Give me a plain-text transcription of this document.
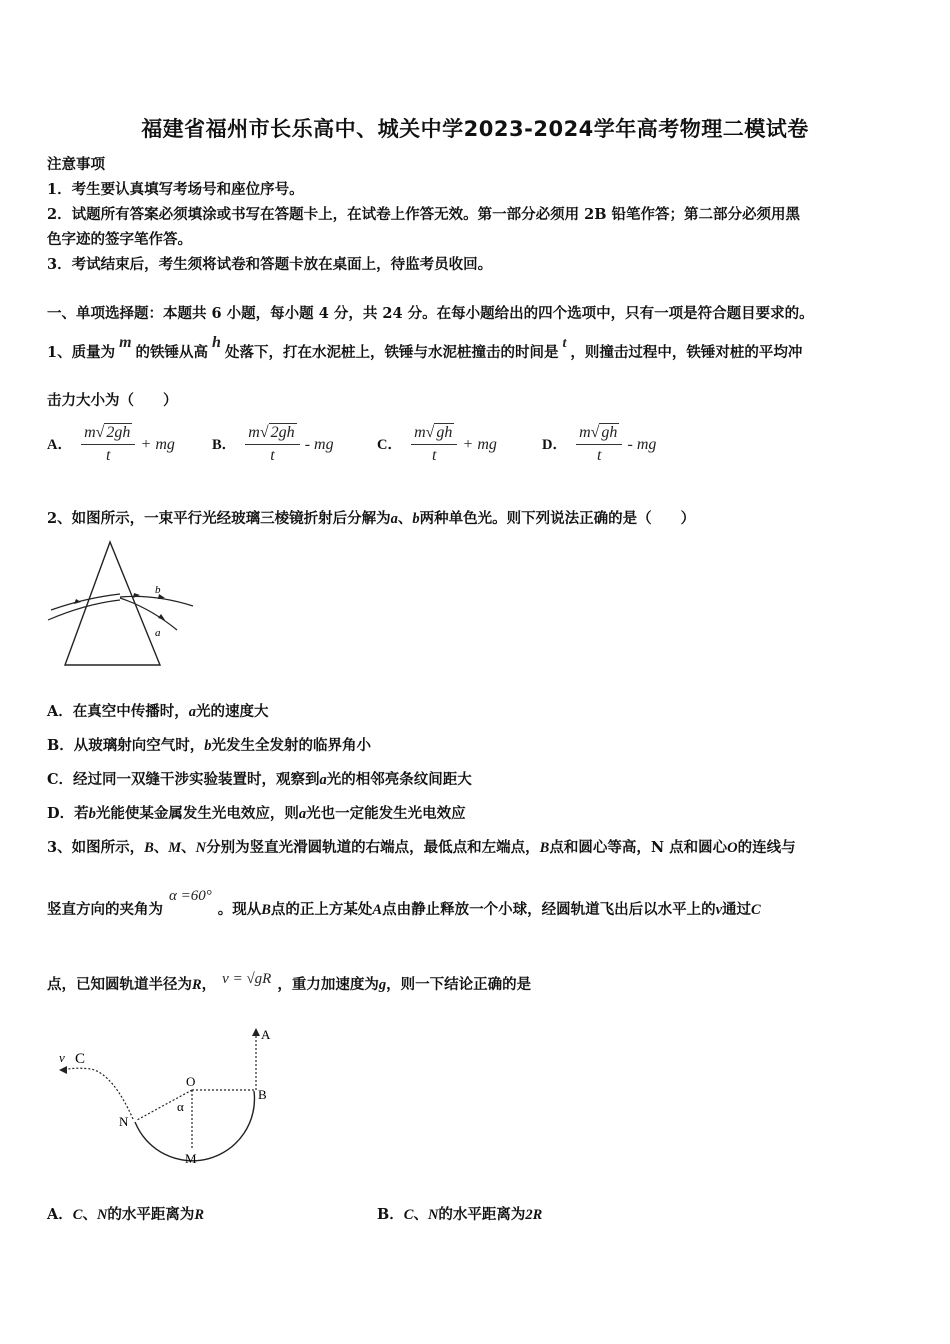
福建省福州市长乐高中、城关中学2023-2024学年高考物理二模试卷
注意事项
1．考生要认真填写考场号和座位序号。
2．试题所有答案必须填涂或书写在答题卡上，在试卷上作答无效。第一部分必须用 2B 铅笔作答；第二部分必须用黑
色字迹的签字笔作答。
3．考试结束后，考生须将试卷和答题卡放在桌面上，待监考员收回。
一、单项选择题：本题共 6 小题，每小题 4 分，共 24 分。在每小题给出的四个选项中，只有一项是符合题目要求的。
1、质量为m的铁锤从高h处落下，打在水泥桩上，铁锤与水泥桩撞击的时间是t，则撞击过程中，铁锤对桩的平均冲
击力大小为（　　）
A． $\frac{m√ 2gh}{t}$ + mg	B． $\frac{m√ 2gh}{t}$ - mg	C． $\frac{m√ gh}{t}$ + mg	D． $\frac{m√ gh}{t}$ - mg
2、如图所示，一束平行光经玻璃三棱镜折射后分解为a、b两种单色光。则下列说法正确的是（　　）
b
a
A．在真空中传播时，a光的速度大
B．从玻璃射向空气时，b光发生全发射的临界角小
C．经过同一双缝干涉实验装置时，观察到a光的相邻亮条纹间距大
D．若b光能使某金属发生光电效应，则a光也一定能发生光电效应
3、如图所示，B、M、N分别为竖直光滑圆轨道的右端点，最低点和左端点，B点和圆心等高，N 点和圆心O的连线与
竖直方向的夹角为α =60°。现从B点的正上方某处A点由静止释放一个小球，经圆轨道飞出后以水平上的v通过C
点，已知圆轨道半径为R， v = √gR ，重力加速度为g，则一下结论正确的是
A
B
v C
O
N
M
α
A．C、N的水平距离为R	B．C、N的水平距离为2R
